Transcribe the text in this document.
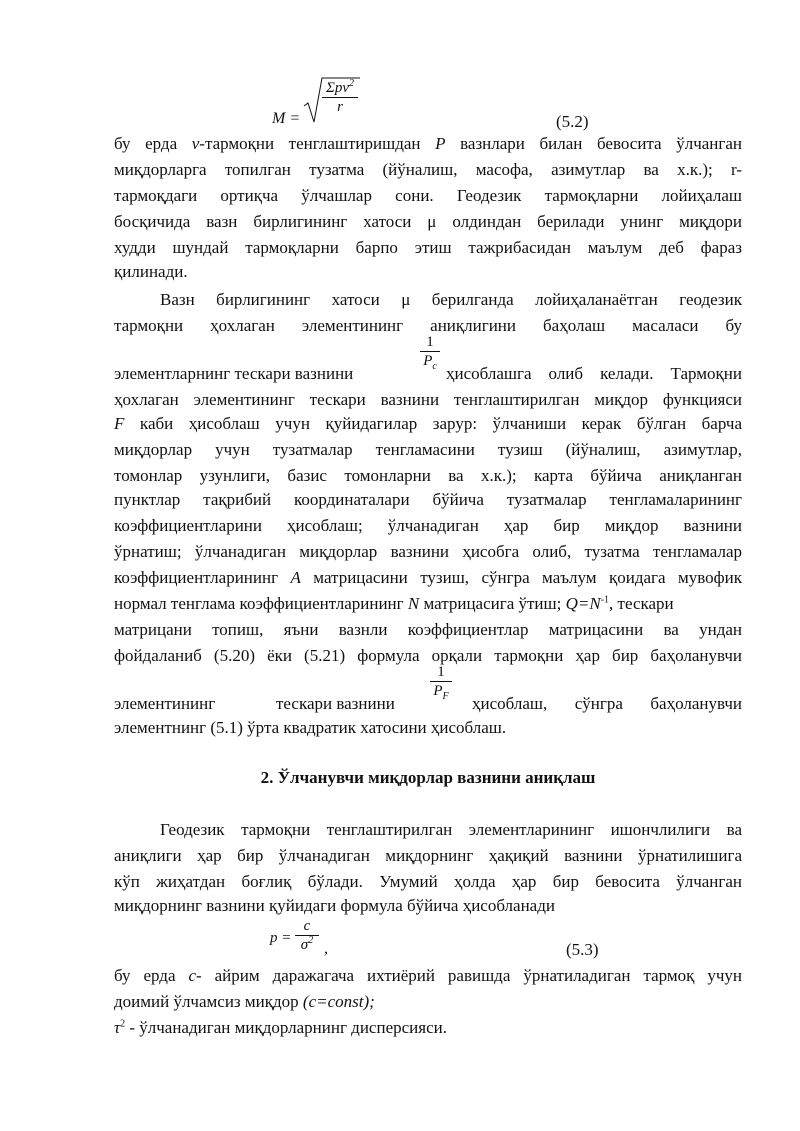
M =
Σpv$^2$
r
(5.2)
бу ерда v-тармоқни тенглаштиришдан P вазнлари билан бевосита ўлчанган
миқдорларга топилган тузатма (йўналиш, масофа, азимутлар ва х.к.); r-
тармоқдаги ортиқча ўлчашлар сони. Геодезик тармоқларни лойиҳалаш
босқичида вазн бирлигининг хатоси μ олдиндан берилади унинг миқдори
худди шундай тармоқларни барпо этиш тажрибасидан маълум деб фараз
қилинади.
Вазн бирлигининг хатоси μ берилганда лойиҳаланаётган геодезик
тармоқни ҳохлаган элементининг аниқлигини баҳолаш масаласи бу
1
$P_c$
элементларнинг тескари вазнини	ҳисоблашга олиб келади. Тармоқни
ҳохлаган элементининг тескари вазнини тенглаштирилган миқдор функцияси
F каби ҳисоблаш учун қуйидагилар зарур: ўлчаниши керак бўлган барча
миқдорлар учун тузатмалар тенгламасини тузиш (йўналиш, азимутлар,
томонлар узунлиги, базис томонларни ва х.к.); карта бўйича аниқланган
пунктлар тақрибий координаталари бўйича тузатмалар тенгламаларининг
коэффициентларини ҳисоблаш; ўлчанадиган ҳар бир миқдор вазнини
ўрнатиш; ўлчанадиган миқдорлар вазнини ҳисобга олиб, тузатма тенгламалар
коэффициентларининг A матрицасини тузиш, сўнгра маълум қоидага мувофик
нормал тенглама коэффициентларининг N матрицасига ўтиш; $Q=N^{-1}$, тескари
матрицани топиш, яъни вазнли коэффициентлар матрицасини ва ундан
фойдаланиб (5.20) ёки (5.21) формула орқали тармоқни ҳар бир баҳоланувчи
1
$P_F$
элементининг	тескари вазнини	ҳисоблаш, сўнгра баҳоланувчи
элементнинг (5.1) ўрта квадратик хатосини ҳисоблаш.
2. Ўлчанувчи миқдорлар вазнини аниқлаш
Геодезик тармоқни тенглаштирилган элементларининг ишончлилиги ва
аниқлиги ҳар бир ўлчанадиган миқдорнинг ҳақиқий вазнини ўрнатилишига
кўп жиҳатдан боғлиқ бўлади. Умумий ҳолда ҳар бир бевосита ўлчанган
миқдорнинг вазнини қуйидаги формула бўйича ҳисобланади
p =
c
$\sigma^2$ ,	(5.3)
бу ерда c- айрим даражагача ихтиёрий равишда ўрнатиладиган тармоқ учун
доимий ўлчамсиз миқдор (c=const);
$\tau^2$ - ўлчанадиган миқдорларнинг дисперсияси.
